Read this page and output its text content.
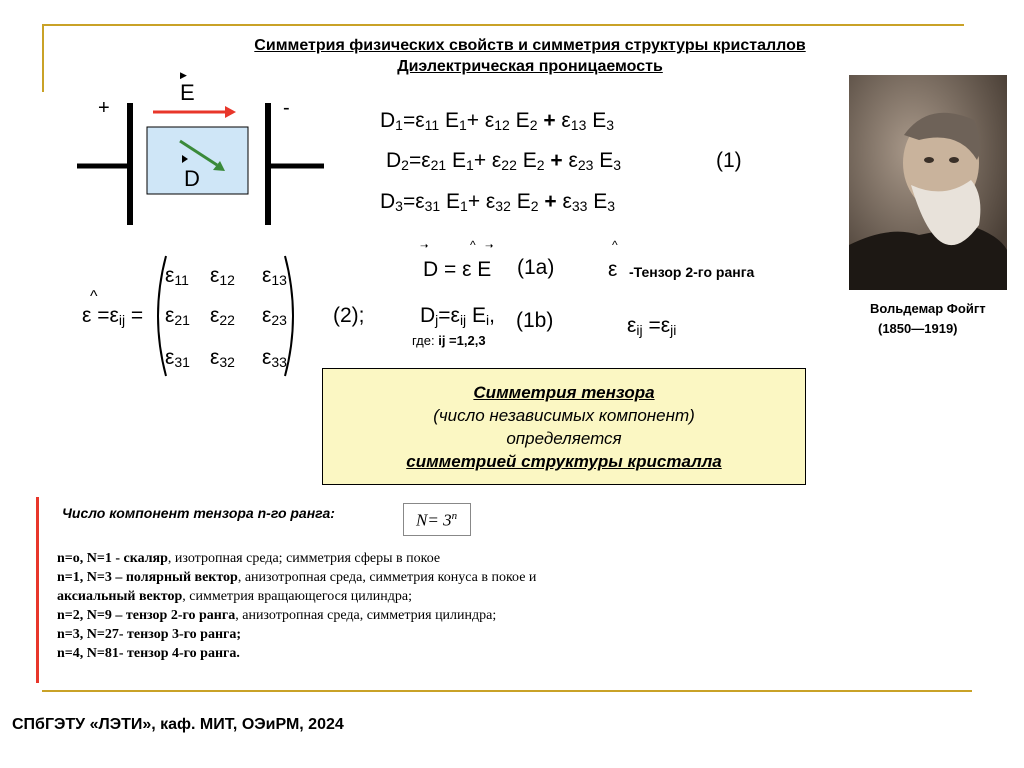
Симметрия физических свойств и симметрия структуры кристаллов
Диэлектрическая проницаемость
+	-
▶
E
D
$D_1=\varepsilon_{11}$ $E_1+ \varepsilon_{12}$ $E_2 + \varepsilon_{13}$ $E_3$
$D_2=\varepsilon_{21}$ $E_1+ \varepsilon_{22}$ $E_2 + \varepsilon_{23}$ $E_3$	(1)
$D_3=\varepsilon_{31}$ $E_1+ \varepsilon_{32}$ $E_2 + \varepsilon_{33}$ $E_3$
^
$\varepsilon =\varepsilon_{ij}$ =
$\varepsilon_{11}$ $\varepsilon_{12}$ $\varepsilon_{13}$
$\varepsilon_{21}$ $\varepsilon_{22}$ $\varepsilon_{23}$
$\varepsilon_{31}$ $\varepsilon_{32}$ $\varepsilon_{33}$
(2);
➝	^ ➝
D = ε E (1a)
^
ε -Тензор 2-го ранга
$D_j=\varepsilon_{ij}$ $E_i$, (1b)
где: ij =1,2,3
$\varepsilon_{ij} =\varepsilon_{ji}$
Вольдемар Фойгт
(1850—1919)
Симметрия тензора
(число независимых компонент)
определяется
симметрией структуры кристалла
Число компонент тензора n-го ранга:	$N= 3^n$
n=o, N=1 - скаляр, изотропная среда; симметрия сферы в покое
n=1, N=3 – полярный вектор, анизотропная среда, симметрия конуса в покое и
аксиальный вектор, симметрия вращающегося цилиндра;
n=2, N=9 – тензор 2-го ранга, анизотропная среда, симметрия цилиндра;
n=3, N=27- тензор 3-го ранга;
n=4, N=81- тензор 4-го ранга.
СПбГЭТУ «ЛЭТИ», каф. МИТ, ОЭиРМ, 2024
